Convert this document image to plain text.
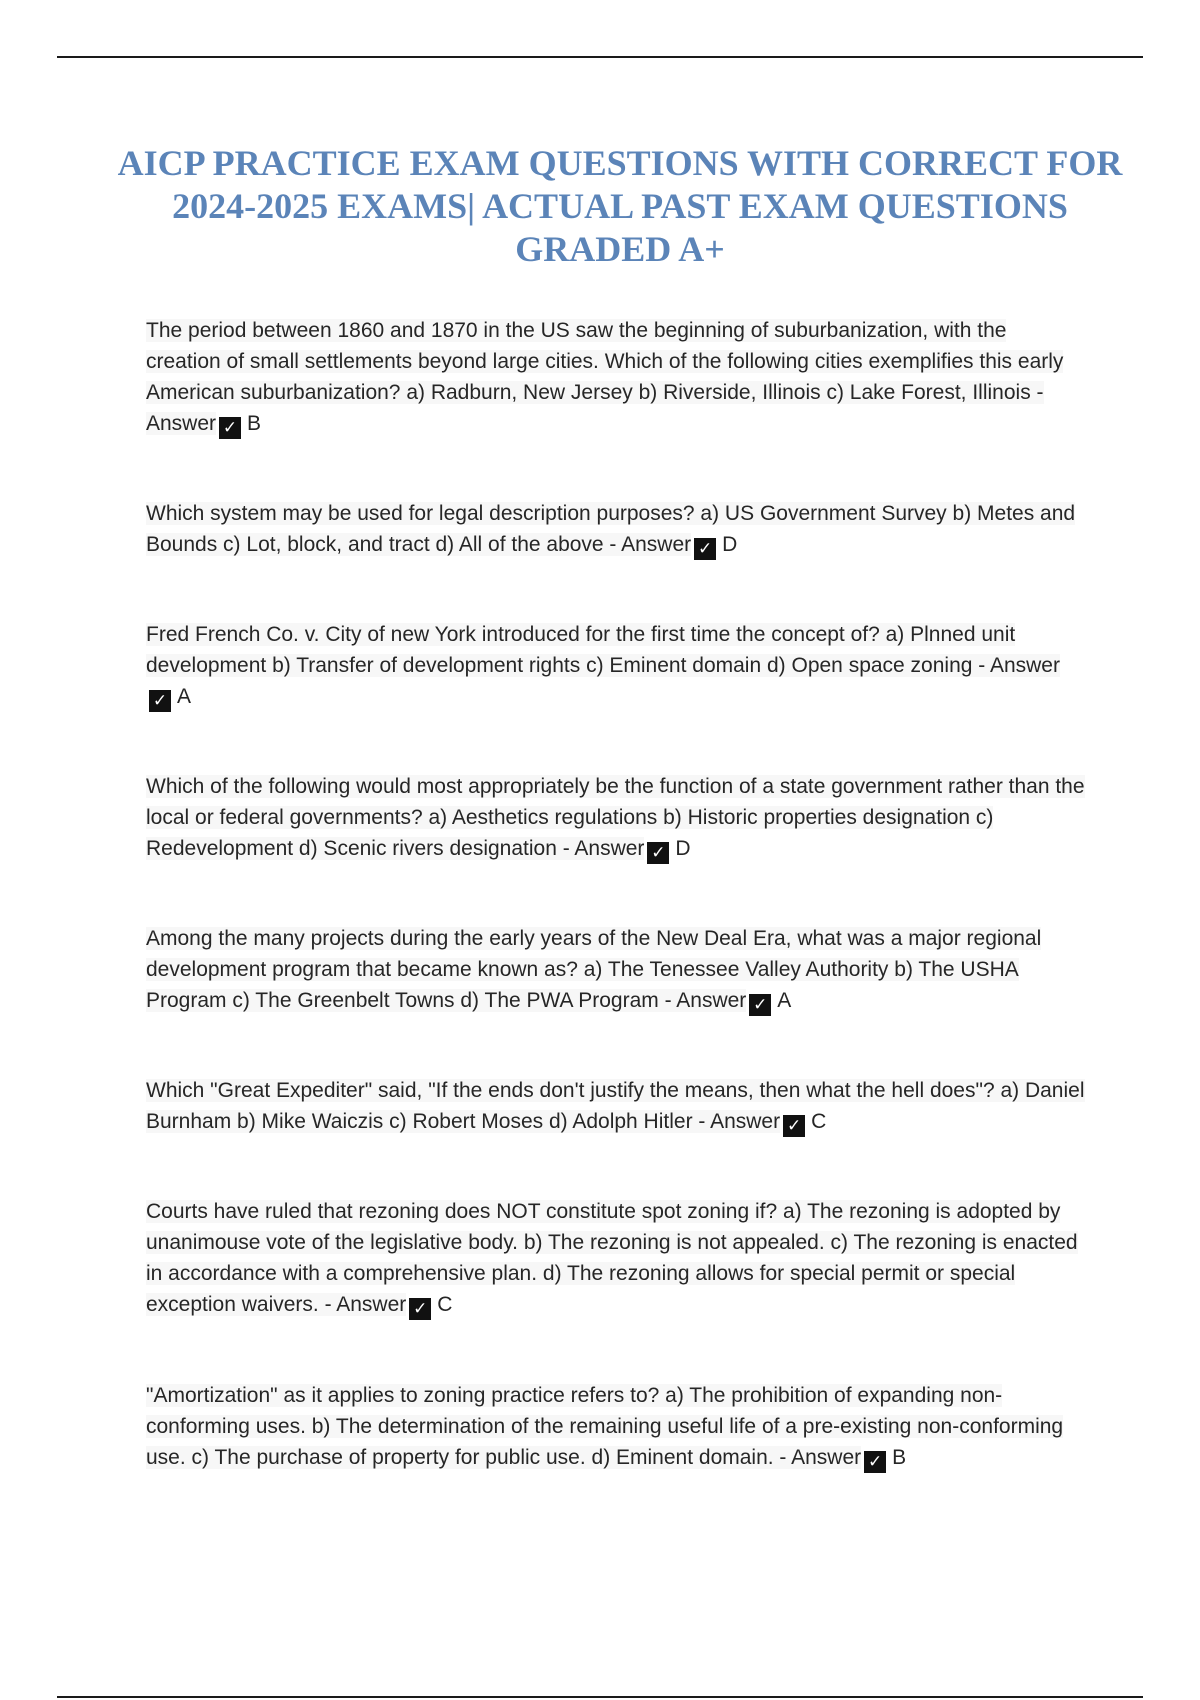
AICP PRACTICE EXAM QUESTIONS WITH CORRECT FOR 2024-2025 EXAMS| ACTUAL PAST EXAM QUESTIONS GRADED A+

The period between 1860 and 1870 in the US saw the beginning of suburbanization, with the creation of small settlements beyond large cities. Which of the following cities exemplifies this early American suburbanization? a) Radburn, New Jersey b) Riverside, Illinois c) Lake Forest, Illinois - Answer ✓ B

Which system may be used for legal description purposes? a) US Government Survey b) Metes and Bounds c) Lot, block, and tract d) All of the above - Answer ✓ D

Fred French Co. v. City of new York introduced for the first time the concept of? a) Plnned unit development b) Transfer of development rights c) Eminent domain d) Open space zoning - Answer✓ A

Which of the following would most appropriately be the function of a state government rather than the local or federal governments? a) Aesthetics regulations b) Historic properties designation c) Redevelopment d) Scenic rivers designation - Answer ✓ D

Among the many projects during the early years of the New Deal Era, what was a major regional development program that became known as? a) The Tenessee Valley Authority b) The USHA Program c) The Greenbelt Towns d) The PWA Program - Answer ✓ A

Which "Great Expediter" said, "If the ends don't justify the means, then what the hell does"? a) Daniel Burnham b) Mike Waiczis c) Robert Moses d) Adolph Hitler - Answer ✓ C

Courts have ruled that rezoning does NOT constitute spot zoning if? a) The rezoning is adopted by unanimouse vote of the legislative body. b) The rezoning is not appealed. c) The rezoning is enacted in accordance with a comprehensive plan. d) The rezoning allows for special permit or special exception waivers. - Answer ✓ C

"Amortization" as it applies to zoning practice refers to? a) The prohibition of expanding non-conforming uses. b) The determination of the remaining useful life of a pre-existing non-conforming use. c) The purchase of property for public use. d) Eminent domain. - Answer ✓ B
